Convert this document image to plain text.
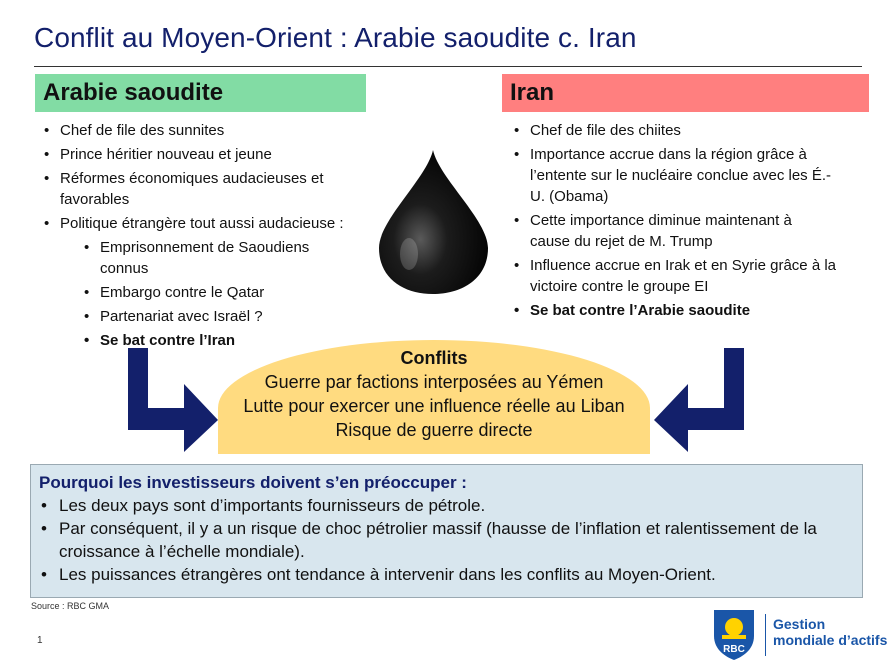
Conflit au Moyen-Orient : Arabie saoudite c. Iran
Arabie saoudite	Iran
• Chef de file des sunnites
• Prince héritier nouveau et jeune
• Réformes économiques audacieuses et favorables
• Politique étrangère tout aussi audacieuse :
• Emprisonnement de Saoudiens connus
• Embargo contre le Qatar
• Partenariat avec Israël ?
• Se bat contre l’Iran
• Chef de file des chiites
• Importance accrue dans la région grâce à l’entente sur le nucléaire conclue avec les É.-U. (Obama)
• Cette importance diminue maintenant à cause du rejet de M. Trump
• Influence accrue en Irak et en Syrie grâce à la victoire contre le groupe EI
• Se bat contre l’Arabie saoudite
Conflits
Guerre par factions interposées au Yémen
Lutte pour exercer une influence réelle au Liban
Risque de guerre directe
Pourquoi les investisseurs doivent s’en préoccuper :
• Les deux pays sont d’importants fournisseurs de pétrole.
• Par conséquent, il y a un risque de choc pétrolier massif (hausse de l’inflation et ralentissement de la croissance à l’échelle mondiale).
• Les puissances étrangères ont tendance à intervenir dans les conflits au Moyen-Orient.
Source : RBC GMA
1
RBC
Gestion
mondiale d’actifs
